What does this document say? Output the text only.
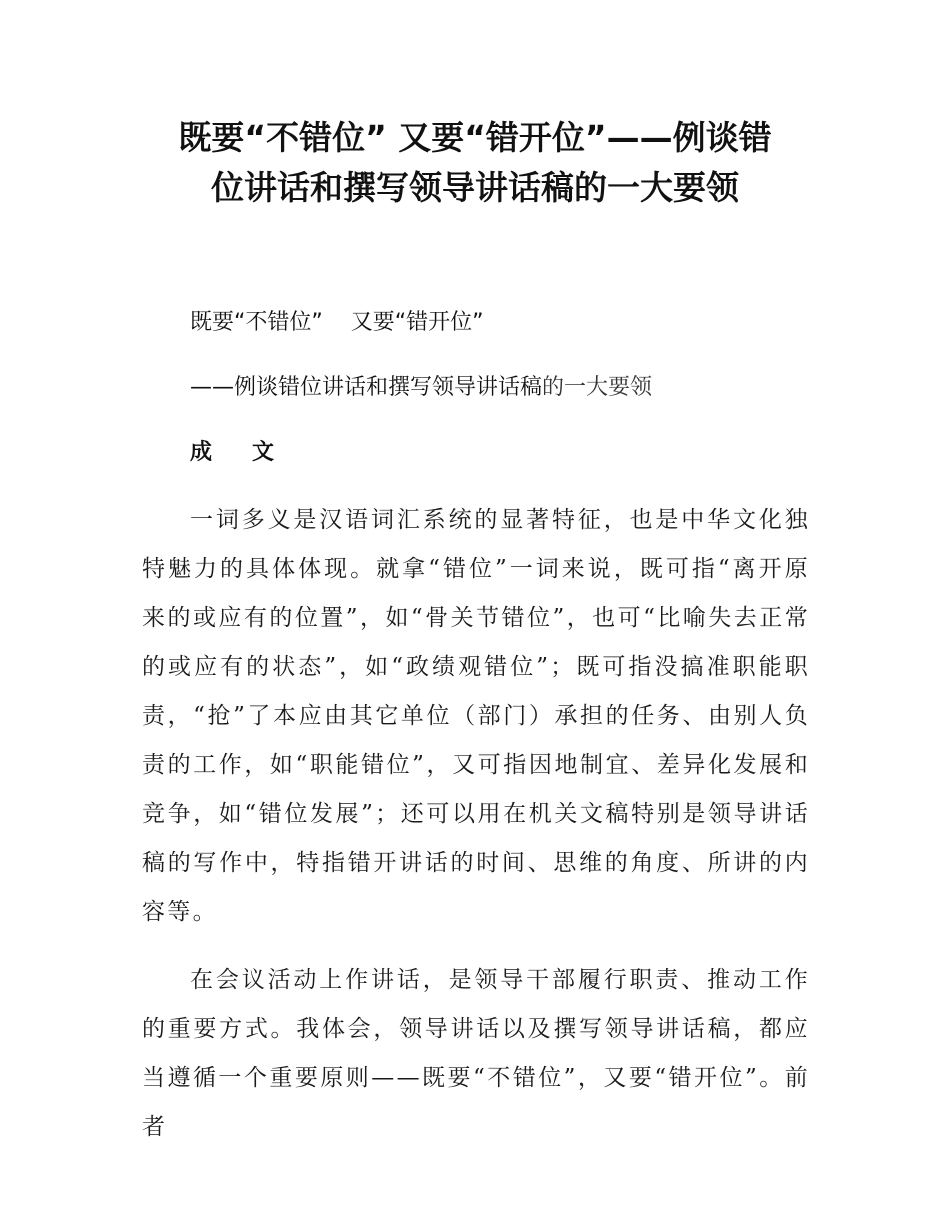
既要“不错位” 又要“错开位”——例谈错
位讲话和撰写领导讲话稿的一大要领

既要“不错位”    又要“错开位”

——例谈错位讲话和撰写领导讲话稿的一大要领

成文

一词多义是汉语词汇系统的显著特征，也是中华文化独特魅力的具体体现。就拿“错位”一词来说，既可指“离开原来的或应有的位置”，如“骨关节错位”，也可“比喻失去正常的或应有的状态”，如“政绩观错位”；既可指没搞准职能职责，“抢”了本应由其它单位（部门）承担的任务、由别人负责的工作，如“职能错位”，又可指因地制宜、差异化发展和竞争，如“错位发展”；还可以用在机关文稿特别是领导讲话稿的写作中，特指错开讲话的时间、思维的角度、所讲的内容等。

在会议活动上作讲话，是领导干部履行职责、推动工作的重要方式。我体会，领导讲话以及撰写领导讲话稿，都应当遵循一个重要原则——既要“不错位”，又要“错开位”。前者
